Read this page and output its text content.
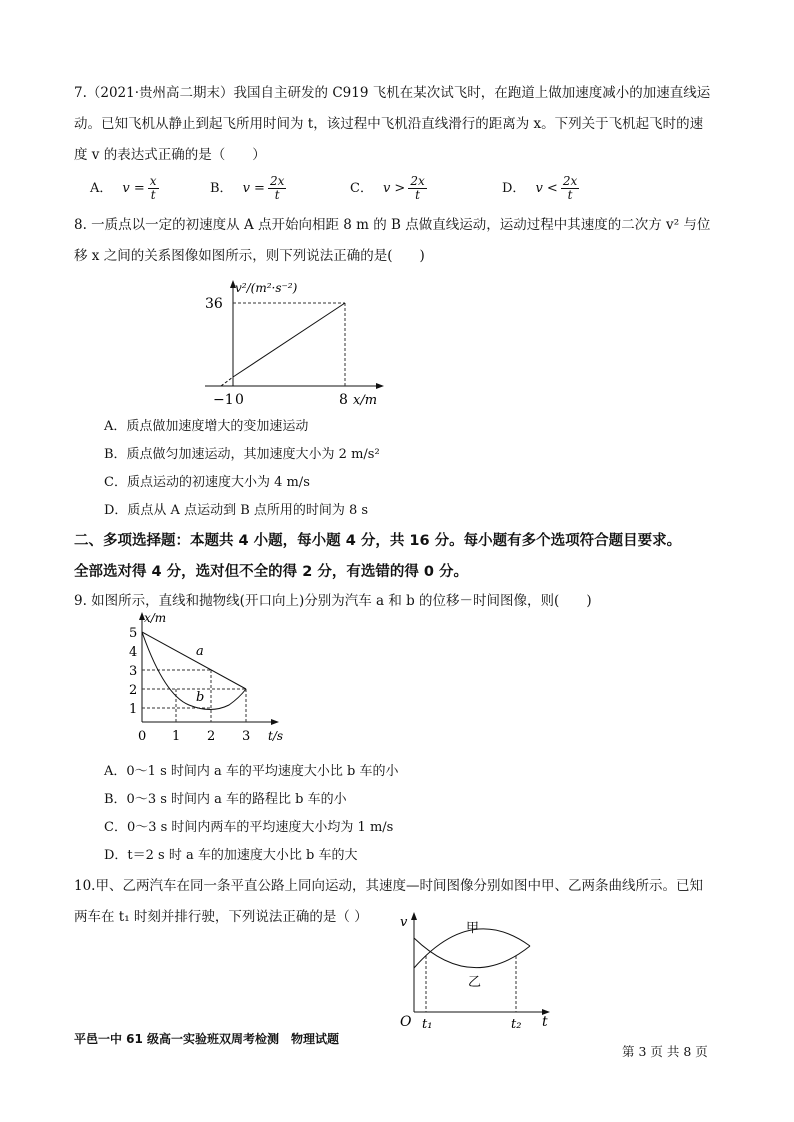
7.（2021·贵州高二期末）我国自主研发的 C919 飞机在某次试飞时，在跑道上做加速度减小的加速直线运
动。已知飞机从静止到起飞所用时间为 t，该过程中飞机沿直线滑行的距离为 x。下列关于飞机起飞时的速
度 v 的表达式正确的是（　　）
A． $v = \frac{x}{t}$	B． $v = \frac{2x}{t}$	C． $v > \frac{2x}{t}$	D． $v < \frac{2x}{t}$
8. 一质点以一定的初速度从 A 点开始向相距 8 m 的 B 点做直线运动，运动过程中其速度的二次方 v² 与位
移 x 之间的关系图像如图所示，则下列说法正确的是(　　)
v²/(m²·s⁻²)
36
−1 0	8 x/m
A．质点做加速度增大的变加速运动
B．质点做匀加速运动，其加速度大小为 2 m/s²
C．质点运动的初速度大小为 4 m/s
D．质点从 A 点运动到 B 点所用的时间为 8 s
二、多项选择题：本题共 4 小题，每小题 4 分，共 16 分。每小题有多个选项符合题目要求。
全部选对得 4 分，选对但不全的得 2 分，有选错的得 0 分。
9. 如图所示，直线和抛物线(开口向上)分别为汽车 a 和 b 的位移－时间图像，则(　　)
x/m
5
4
3
2
1
0 1 2 3 t/s
a
b
A．0～1 s 时间内 a 车的平均速度大小比 b 车的小
B．0～3 s 时间内 a 车的路程比 b 车的小
C．0～3 s 时间内两车的平均速度大小均为 1 m/s
D．t＝2 s 时 a 车的加速度大小比 b 车的大
10.甲、乙两汽车在同一条平直公路上同向运动，其速度—时间图像分别如图中甲、乙两条曲线所示。已知
两车在 t₁ 时刻并排行驶，下列说法正确的是（ ）	v	甲
乙
O t₁	t₂ t
平邑一中 61 级高一实验班双周考检测　物理试题
第 3 页 共 8 页
